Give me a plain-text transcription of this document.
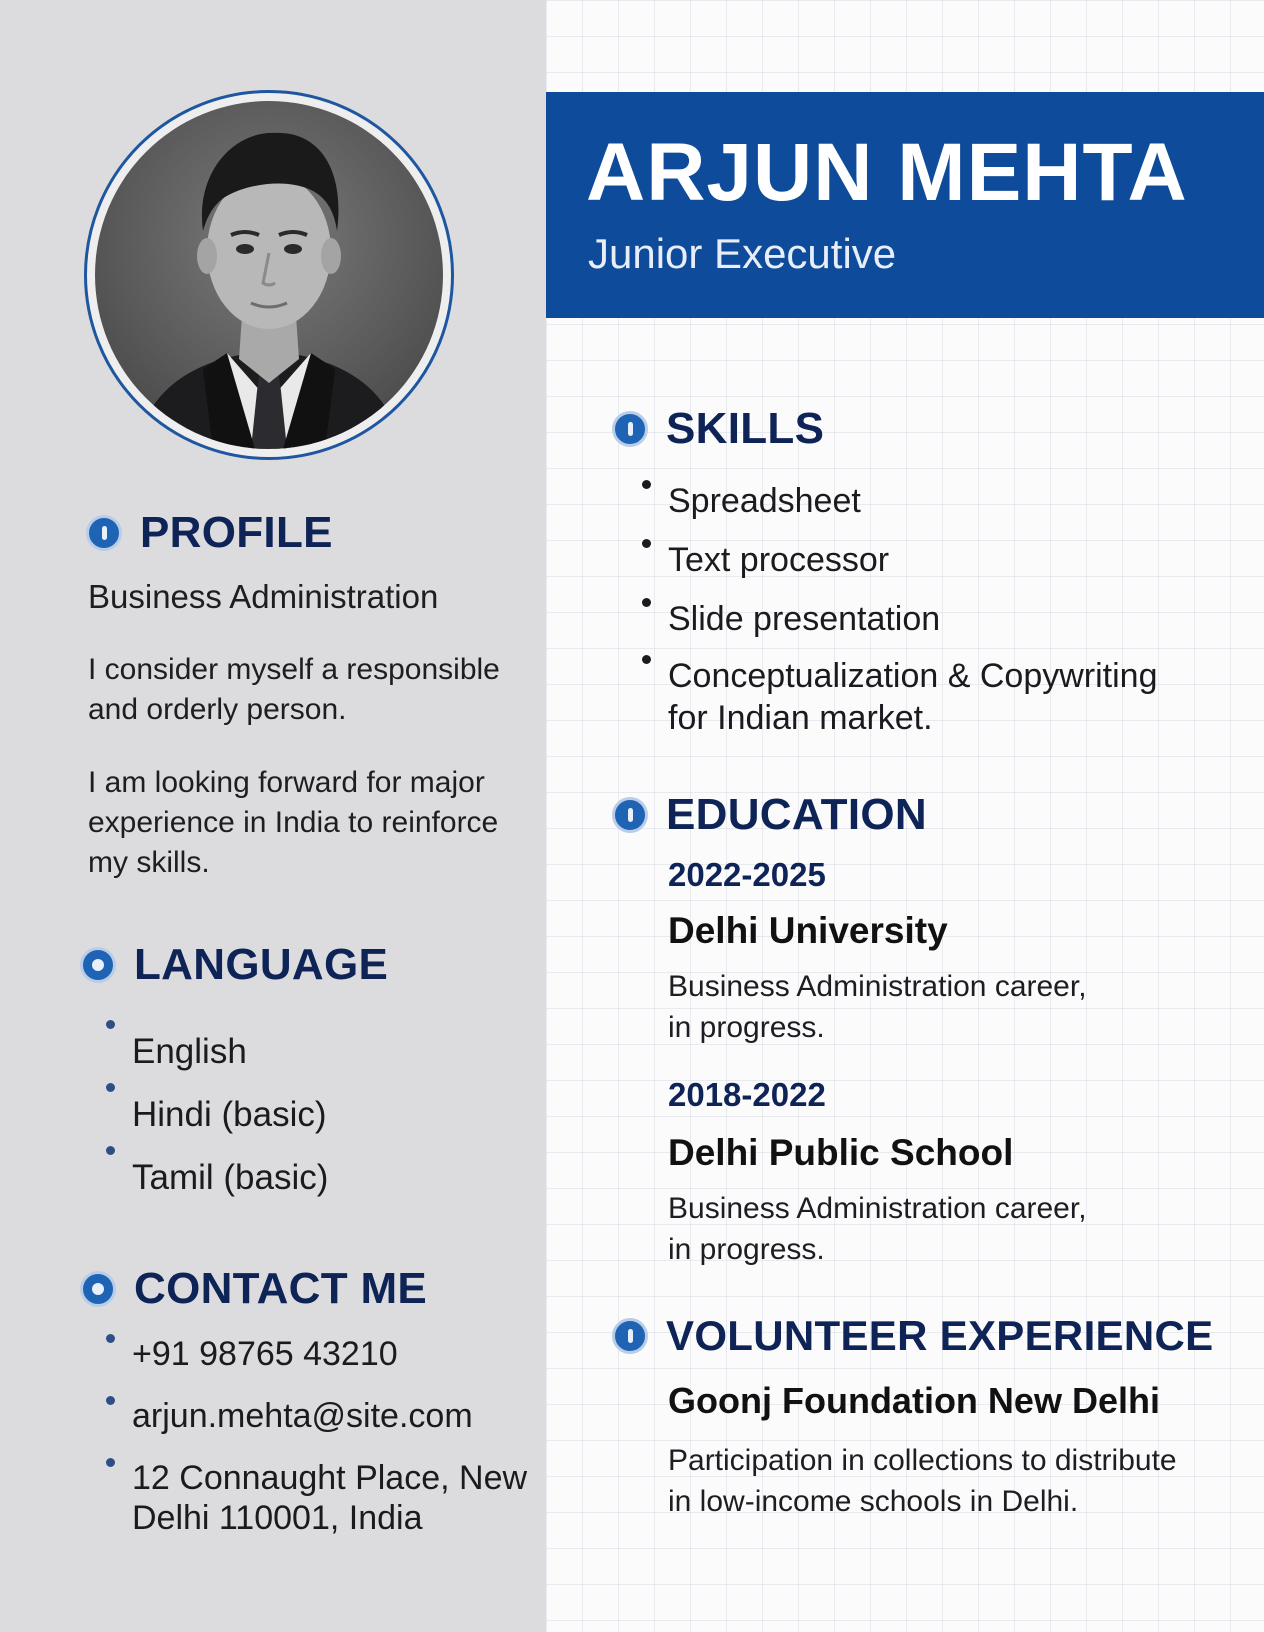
PROFILE
Business Administration
I consider myself a responsible
and orderly person.
I am looking forward for major
experience in India to reinforce
my skills.
LANGUAGE
English
Hindi (basic)
Tamil (basic)
CONTACT ME
+91 98765 43210
arjun.mehta@site.com
12 Connaught Place, New
Delhi 110001, India
ARJUN MEHTA
Junior Executive
SKILLS
Spreadsheet
Text processor
Slide presentation
Conceptualization & Copywriting
for Indian market.
EDUCATION
2022-2025
Delhi University
Business Administration career,
in progress.
2018-2022
Delhi Public School
Business Administration career,
in progress.
VOLUNTEER EXPERIENCE
Goonj Foundation New Delhi
Participation in collections to distribute
in low-income schools in Delhi.
